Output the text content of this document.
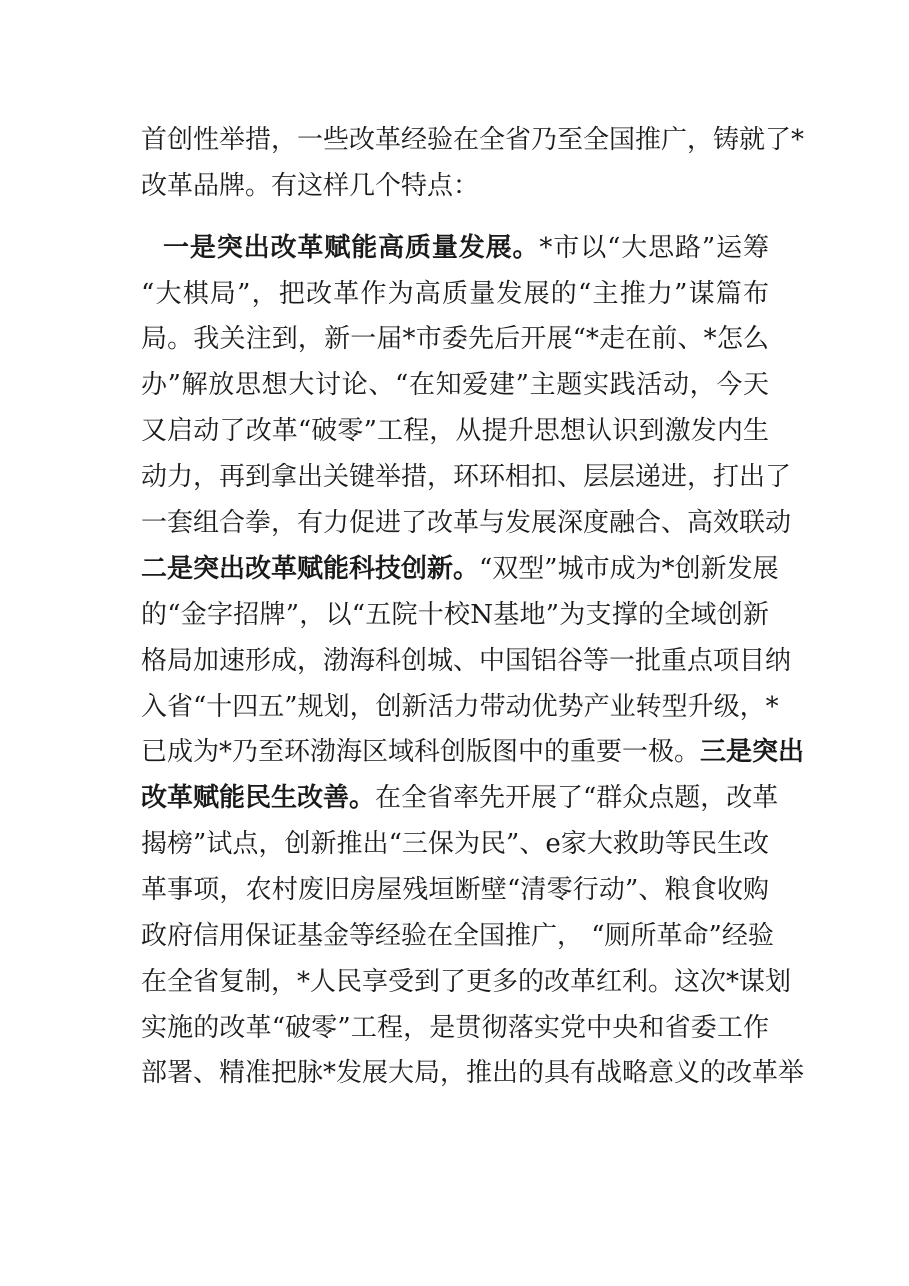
首创性举措，一些改革经验在全省乃至全国推广，铸就了*
改革品牌。有这样几个特点：
一是突出改革赋能高质量发展。*市以“大思路”运筹
“大棋局”，把改革作为高质量发展的“主推力”谋篇布
局。我关注到，新一届*市委先后开展“*走在前、*怎么
办”解放思想大讨论、“在知爱建”主题实践活动，今天
又启动了改革“破零”工程，从提升思想认识到激发内生
动力，再到拿出关键举措，环环相扣、层层递进，打出了
一套组合拳，有力促进了改革与发展深度融合、高效联动
二是突出改革赋能科技创新。“双型”城市成为*创新发展
的“金字招牌”，以“五院十校N基地”为支撑的全域创新
格局加速形成，渤海科创城、中国铝谷等一批重点项目纳
入省“十四五”规划，创新活力带动优势产业转型升级，*
已成为*乃至环渤海区域科创版图中的重要一极。三是突出
改革赋能民生改善。在全省率先开展了“群众点题，改革
揭榜”试点，创新推出“三保为民”、e家大救助等民生改
革事项，农村废旧房屋残垣断壁“清零行动”、粮食收购
政府信用保证基金等经验在全国推广， “厕所革命”经验
在全省复制，*人民享受到了更多的改革红利。这次*谋划
实施的改革“破零”工程，是贯彻落实党中央和省委工作
部署、精准把脉*发展大局，推出的具有战略意义的改革举
